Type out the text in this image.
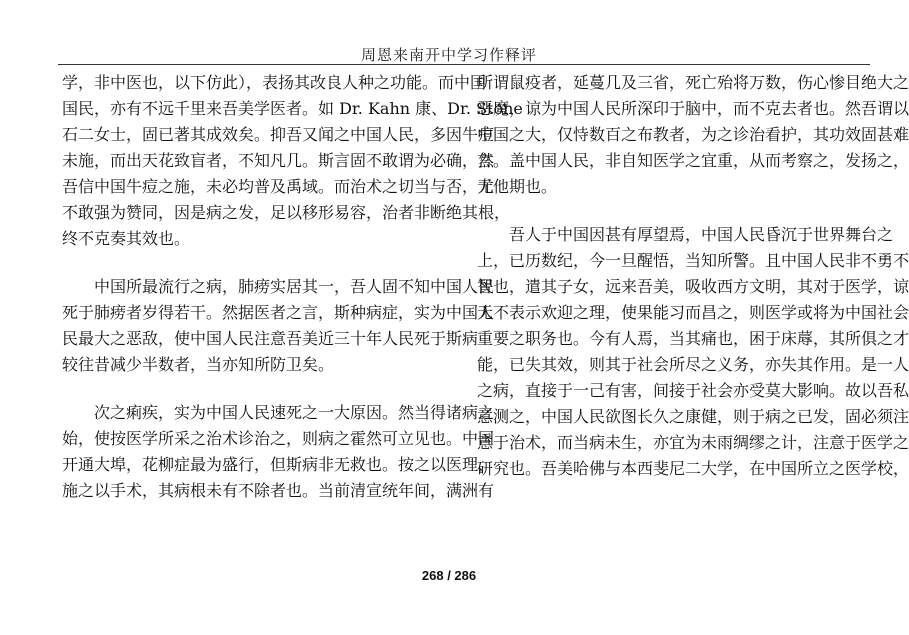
周恩来南开中学习作释评
学，非中医也，以下仿此），表扬其改良人种之功能。而中国
国民，亦有不远千里来吾美学医者。如 Dr. Kahn 康、Dr. Stone
石二女士，固已著其成效矣。抑吾又闻之中国人民，多因牛痘
未施，而出天花致盲者，不知凡几。斯言固不敢谓为必确，然
吾信中国牛痘之施，未必均普及禹域。而治术之切当与否，尤
不敢强为赞同，因是病之发，足以移形易容，治者非断绝其根，
终不克奏其效也。
中国所最流行之病，肺痨实居其一，吾人固不知中国人民
死于肺痨者岁得若干。然据医者之言，斯种病症，实为中国人
民最大之恶敌，使中国人民注意吾美近三十年人民死于斯病
较往昔减少半数者，当亦知所防卫矣。
次之痢疾，实为中国人民速死之一大原因。然当得诸病之
始，使按医学所采之治术诊治之，则病之霍然可立见也。中国
开通大埠，花柳症最为盛行，但斯病非无救也。按之以医理，
施之以手术，其病根未有不除者也。当前清宣统年间，满洲有
所谓鼠疫者，延蔓几及三省，死亡殆将万数，伤心惨目绝大之
恶魔，谅为中国人民所深印于脑中，而不克去者也。然吾谓以
中国之大，仅恃数百之布教者，为之诊治看护，其功效固甚难
言。盖中国人民，非自知医学之宜重，从而考察之，发扬之，
无他期也。
吾人于中国因甚有厚望焉，中国人民昏沉于世界舞台之
上，已历数纪，今一旦醒悟，当知所警。且中国人民非不勇不
智也，遣其子女，远来吾美，吸收西方文明，其对于医学，谅
无不表示欢迎之理，使果能习而昌之，则医学或将为中国社会
重要之职务也。今有人焉，当其痛也，困于床蓐，其所俱之才
能，已失其效，则其于社会所尽之义务，亦失其作用。是一人
之病，直接于一己有害，间接于社会亦受莫大影响。故以吾私
意测之，中国人民欲图长久之康健，则于病之已发，固必须注
意于治术，而当病未生，亦宜为未雨绸缪之计，注意于医学之
研究也。吾美哈佛与本西斐尼二大学，在中国所立之医学校，
268 / 286
